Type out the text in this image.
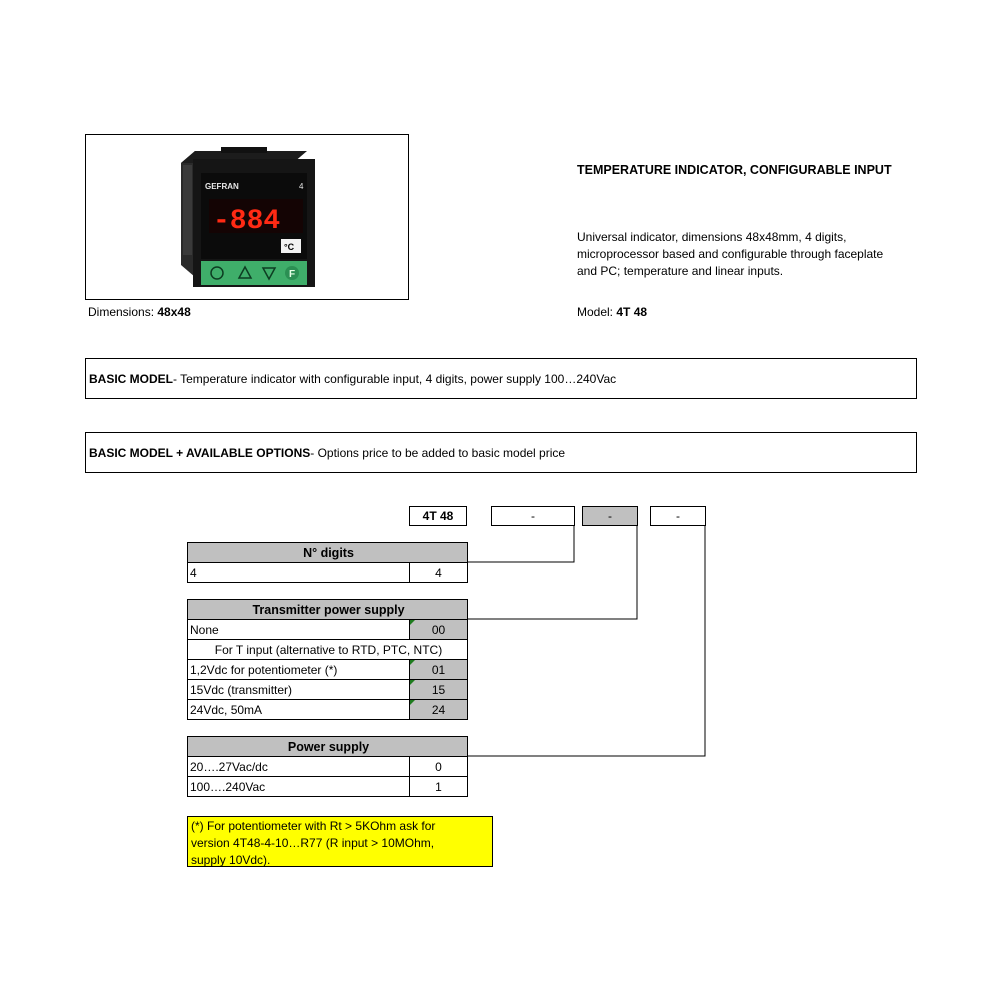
GEFRAN	4
-884
°C
F
Dimensions: 48x48
TEMPERATURE INDICATOR, CONFIGURABLE INPUT
Universal indicator, dimensions 48x48mm, 4 digits,
microprocessor based and configurable through faceplate
and PC; temperature and linear inputs.
Model: 4T 48
BASIC MODEL - Temperature indicator with configurable input, 4 digits, power supply 100…240Vac
BASIC MODEL + AVAILABLE OPTIONS - Options price to be added to basic model price
4T 48	-	-	-
N° digits
4	4
Transmitter power supply	
None	00
For T input (alternative to RTD, PTC, NTC)	
1,2Vdc for potentiometer (*)	01
15Vdc (transmitter)	15
24Vdc, 50mA	24
Power supply	
20….27Vac/dc	0
100….240Vac	1
(*) For potentiometer with Rt > 5KOhm ask for
version 4T48-4-10…R77 (R input > 10MOhm,
supply 10Vdc).
